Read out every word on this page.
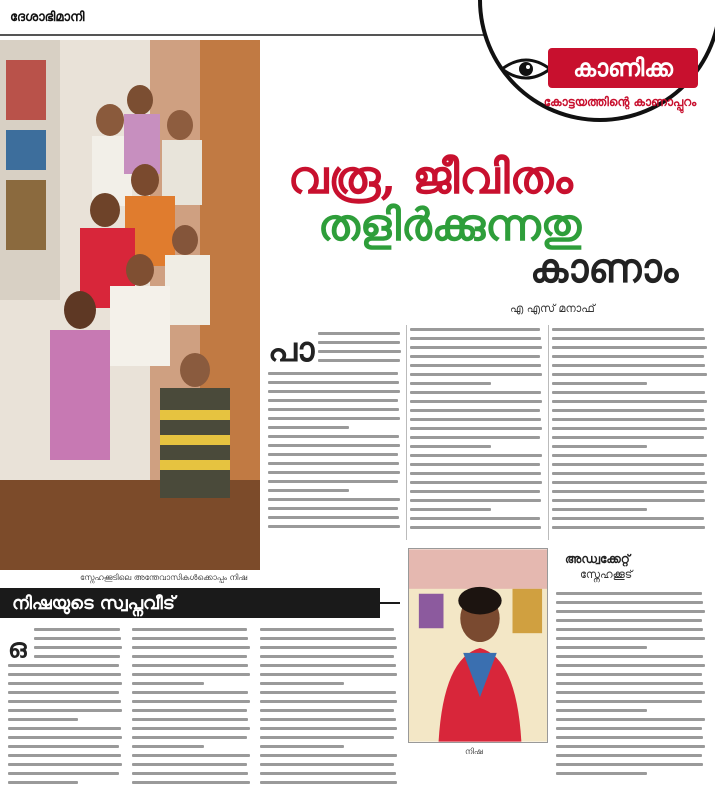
ദേശാഭിമാനി
കാണിക്ക
കോട്ടയത്തിന്റെ കാണാപ്പുറം
സ്നേഹക്കൂടിലെ അന്തേവാസികൾക്കൊപ്പം നിഷ
വരൂ, ജീവിതം
തളിർക്കുന്നതു
കാണാം
എ എസ് മനാഫ്
പാ
നിഷയുടെ സ്വപ്നവീട്
ഒ
നിഷ
അഡ്വക്കേറ്റ്
സ്നേഹക്കൂട്
